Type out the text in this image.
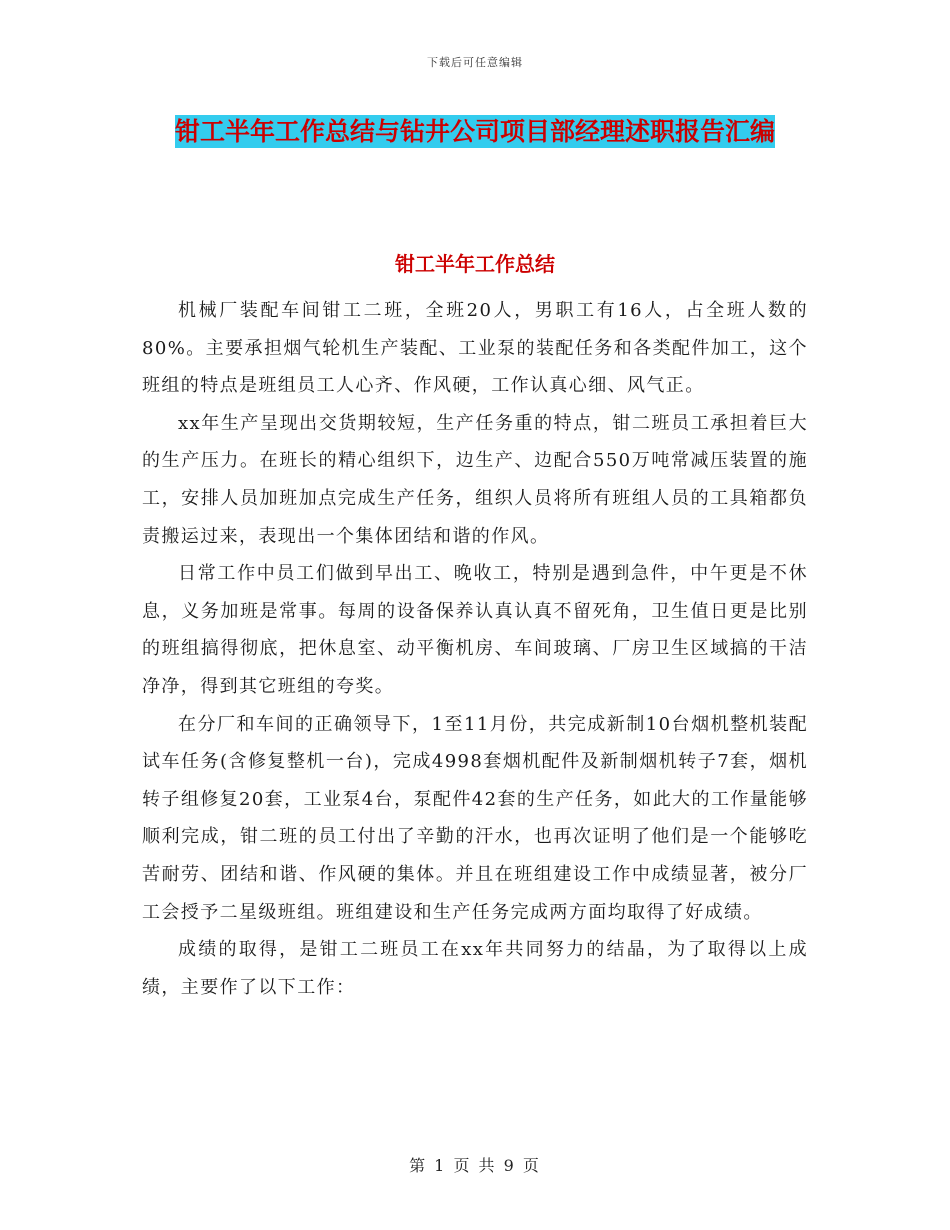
下载后可任意编辑
钳工半年工作总结与钻井公司项目部经理述职报告汇编
钳工半年工作总结

机械厂装配车间钳工二班，全班20人，男职工有16人，占全班人数的80%。主要承担烟气轮机生产装配、工业泵的装配任务和各类配件加工，这个班组的特点是班组员工人心齐、作风硬，工作认真心细、风气正。

xx年生产呈现出交货期较短，生产任务重的特点，钳二班员工承担着巨大的生产压力。在班长的精心组织下，边生产、边配合550万吨常减压装置的施工，安排人员加班加点完成生产任务，组织人员将所有班组人员的工具箱都负责搬运过来，表现出一个集体团结和谐的作风。

日常工作中员工们做到早出工、晚收工，特别是遇到急件，中午更是不休息，义务加班是常事。每周的设备保养认真认真不留死角，卫生值日更是比别的班组搞得彻底，把休息室、动平衡机房、车间玻璃、厂房卫生区域搞的干洁净净，得到其它班组的夸奖。

在分厂和车间的正确领导下，1至11月份，共完成新制10台烟机整机装配试车任务(含修复整机一台)，完成4998套烟机配件及新制烟机转子7套，烟机转子组修复20套，工业泵4台，泵配件42套的生产任务，如此大的工作量能够顺利完成，钳二班的员工付出了辛勤的汗水，也再次证明了他们是一个能够吃苦耐劳、团结和谐、作风硬的集体。并且在班组建设工作中成绩显著，被分厂工会授予二星级班组。班组建设和生产任务完成两方面均取得了好成绩。

成绩的取得，是钳工二班员工在xx年共同努力的结晶，为了取得以上成绩，主要作了以下工作：

第 1 页 共 9 页
